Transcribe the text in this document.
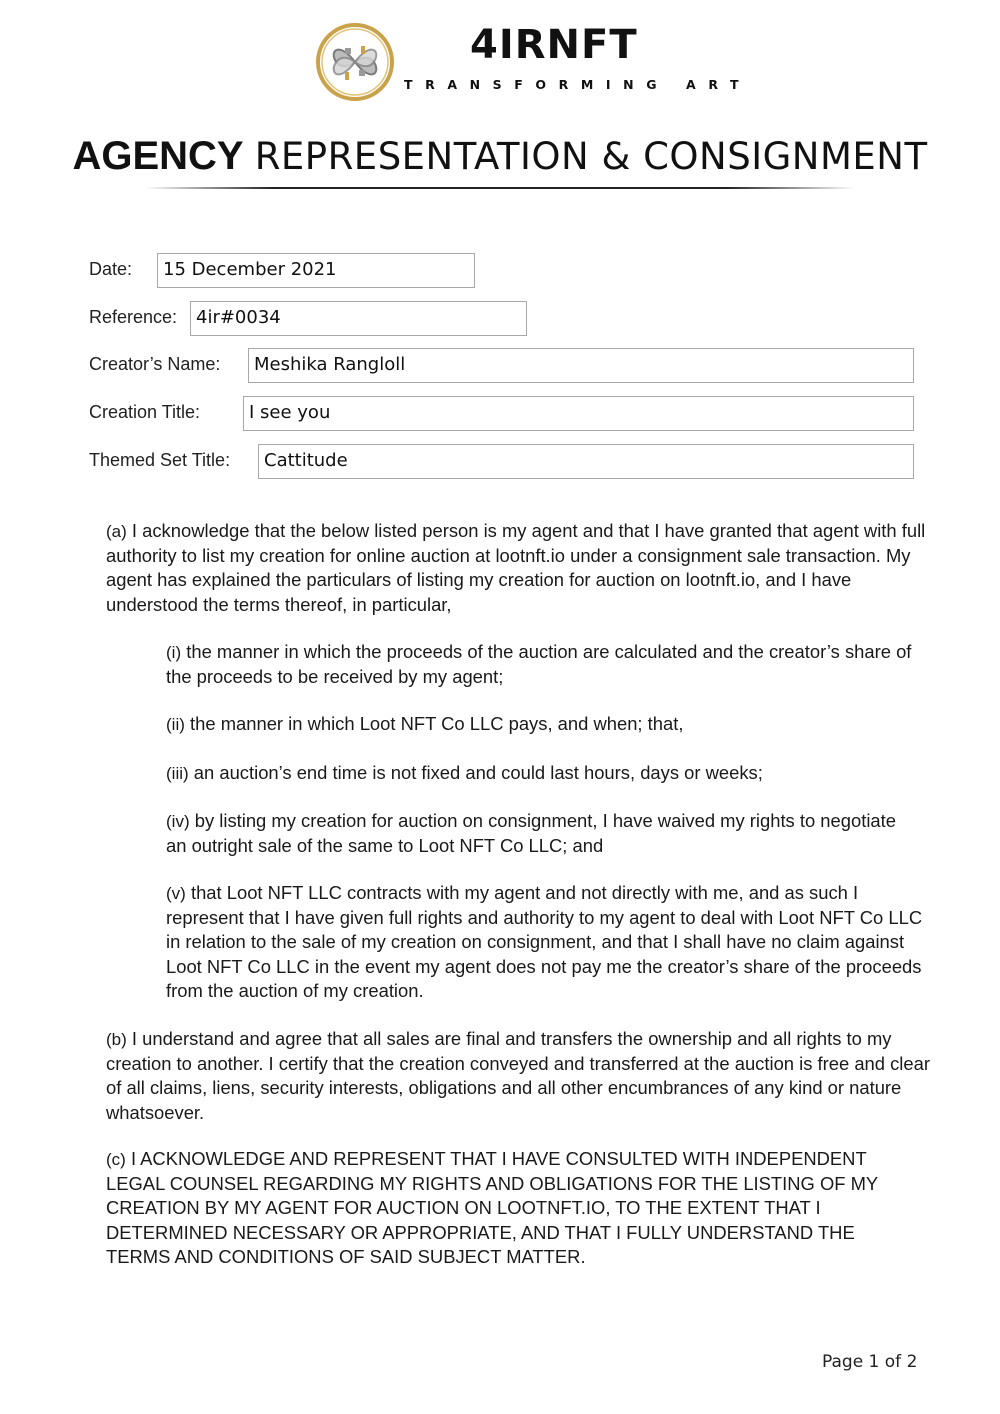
4IRNFT
TRANSFORMING ART
AGENCY REPRESENTATION & CONSIGNMENT
Date:	15 December 2021
Reference:	4ir#0034
Creator’s Name:	Meshika Rangloll
Creation Title:	I see you
Themed Set Title:	Cattitude
(a) I acknowledge that the below listed person is my agent and that I have granted that agent with full authority to list my creation for online auction at lootnft.io under a consignment sale transaction. My agent has explained the particulars of listing my creation for auction on lootnft.io, and I have understood the terms thereof, in particular,
(i) the manner in which the proceeds of the auction are calculated and the creator’s share of the proceeds to be received by my agent;
(ii) the manner in which Loot NFT Co LLC pays, and when; that,
(iii) an auction’s end time is not fixed and could last hours, days or weeks;
(iv) by listing my creation for auction on consignment, I have waived my rights to negotiate an outright sale of the same to Loot NFT Co LLC; and
(v) that Loot NFT LLC contracts with my agent and not directly with me, and as such I represent that I have given full rights and authority to my agent to deal with Loot NFT Co LLC in relation to the sale of my creation on consignment, and that I shall have no claim against Loot NFT Co LLC in the event my agent does not pay me the creator’s share of the proceeds from the auction of my creation.
(b) I understand and agree that all sales are final and transfers the ownership and all rights to my creation to another. I certify that the creation conveyed and transferred at the auction is free and clear of all claims, liens, security interests, obligations and all other encumbrances of any kind or nature whatsoever.
(c) I ACKNOWLEDGE AND REPRESENT THAT I HAVE CONSULTED WITH INDEPENDENT LEGAL COUNSEL REGARDING MY RIGHTS AND OBLIGATIONS FOR THE LISTING OF MY CREATION BY MY AGENT FOR AUCTION ON LOOTNFT.IO, TO THE EXTENT THAT I DETERMINED NECESSARY OR APPROPRIATE, AND THAT I FULLY UNDERSTAND THE TERMS AND CONDITIONS OF SAID SUBJECT MATTER.
Page 1 of 2
